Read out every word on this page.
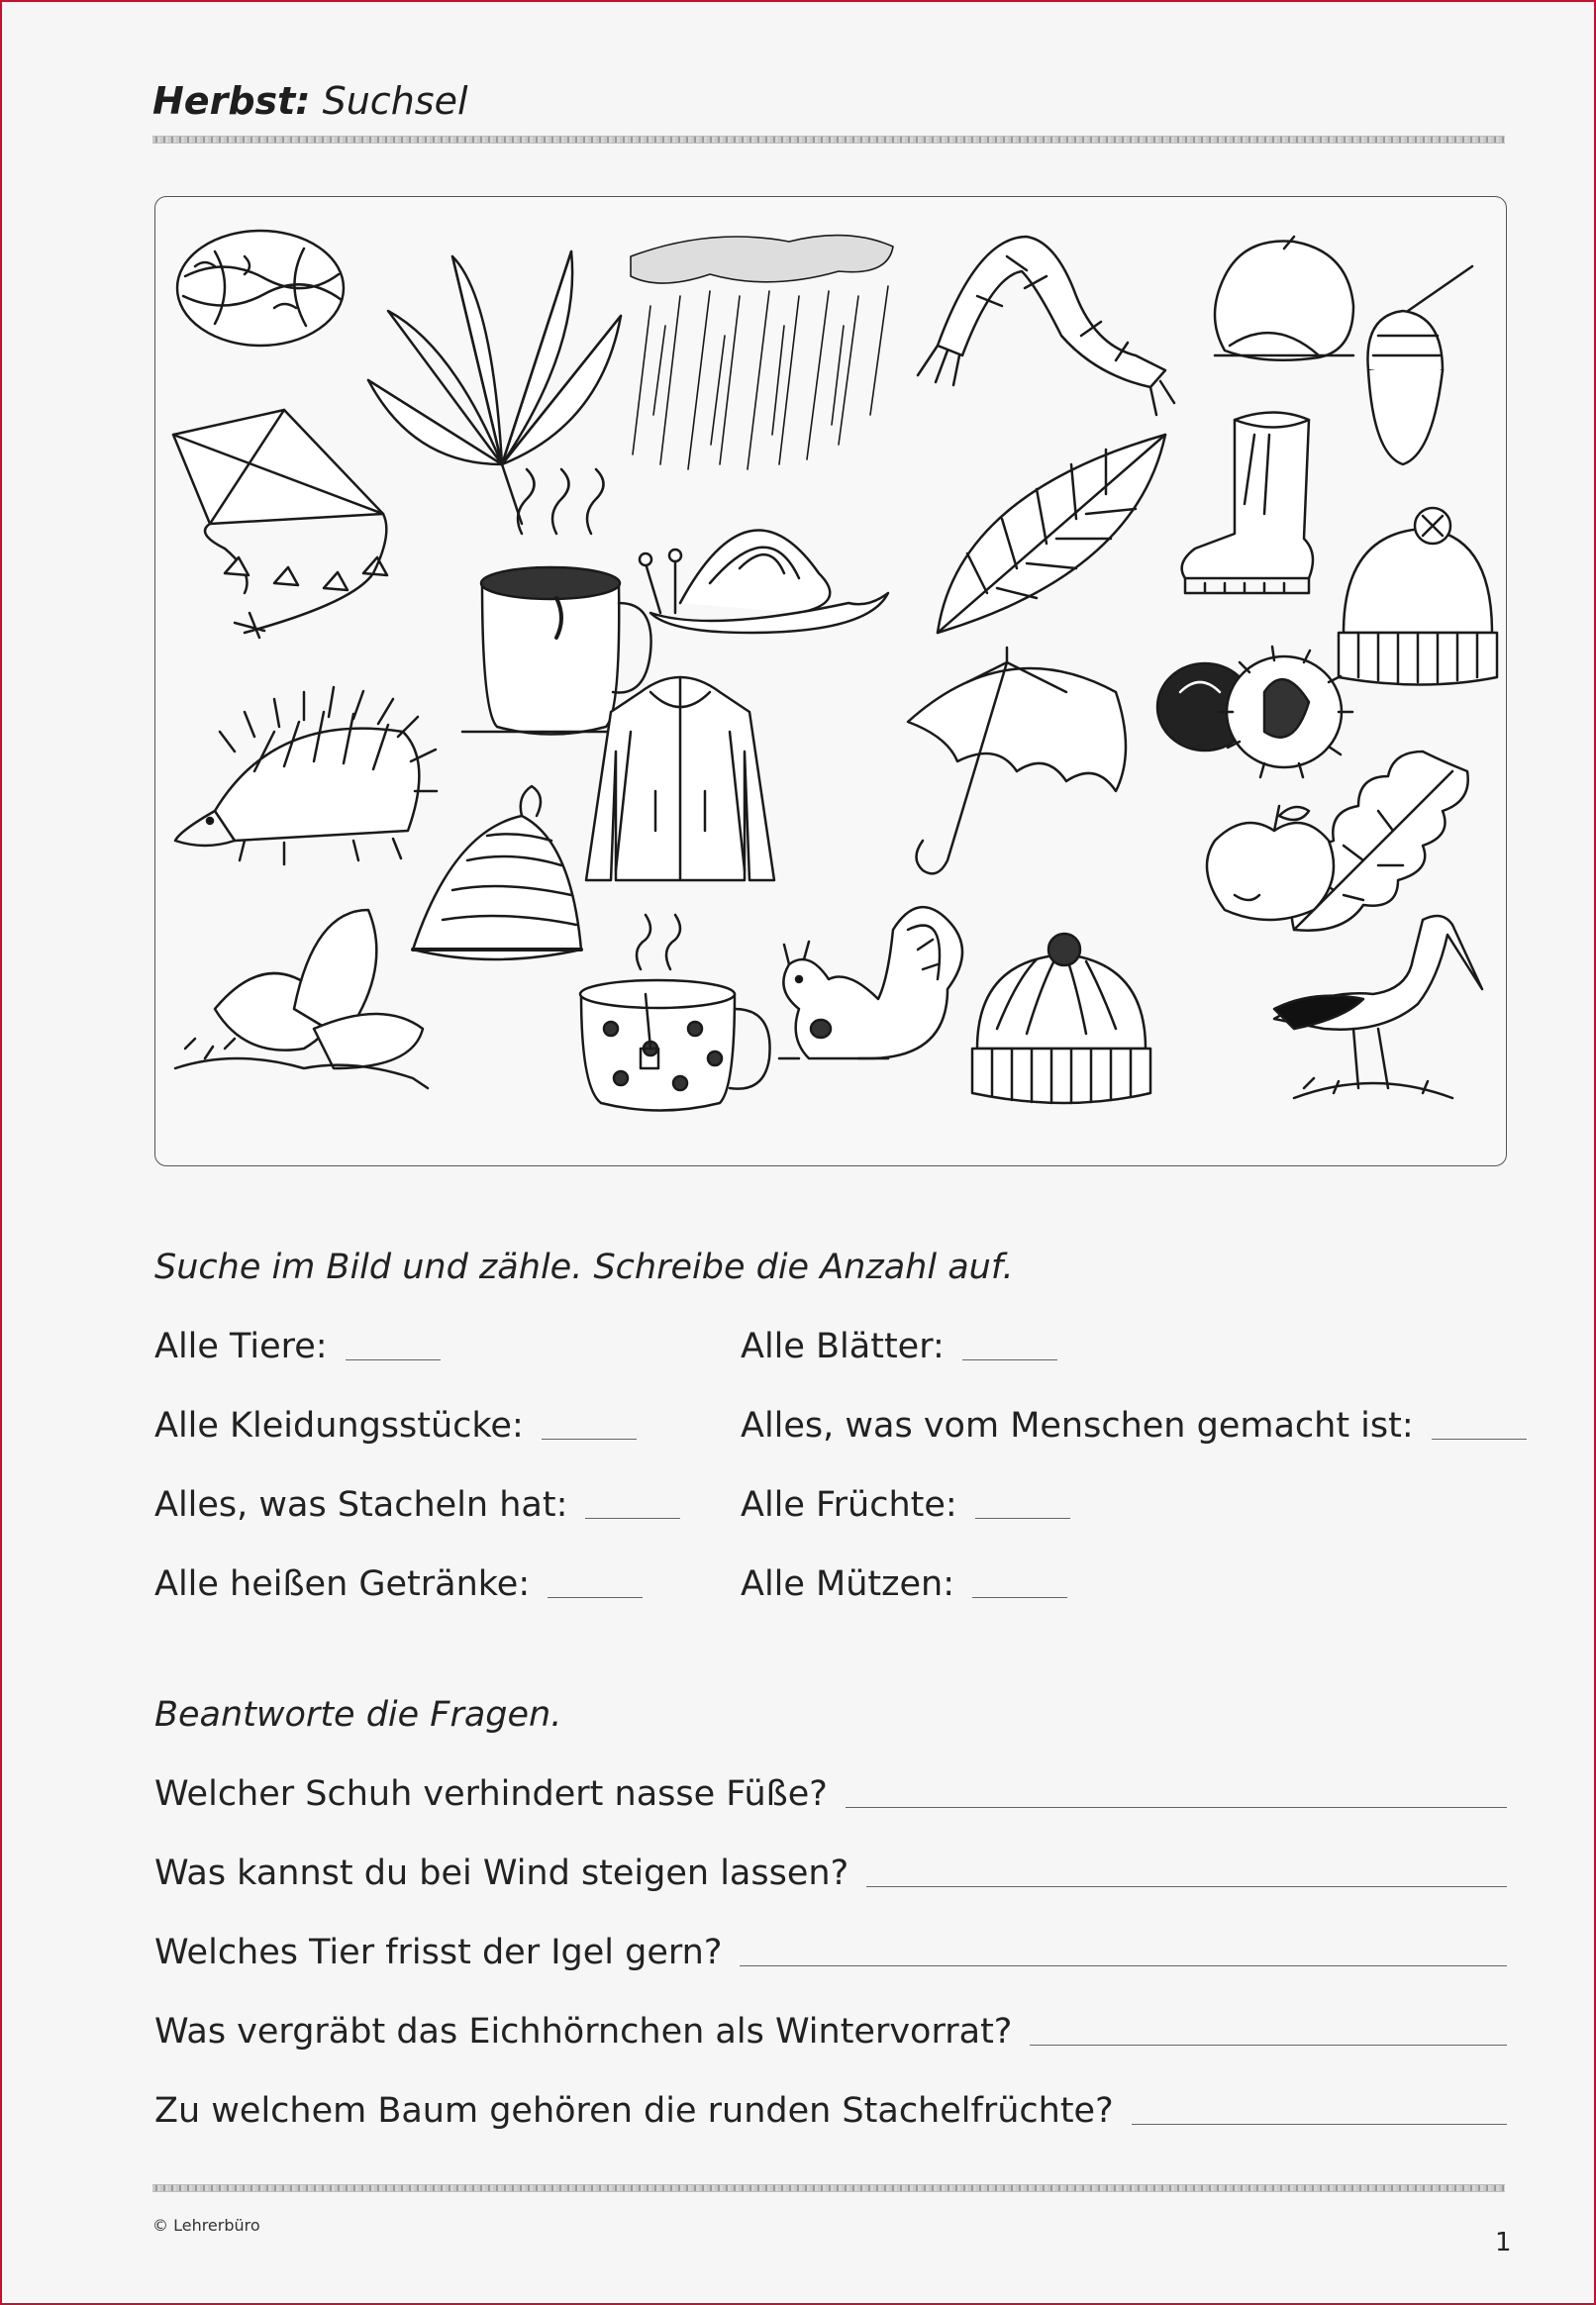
Herbst: Suchsel
Suche im Bild und zähle. Schreibe die Anzahl auf.
Alle Tiere:
Alle Kleidungsstücke:
Alles, was Stacheln hat:
Alle heißen Getränke:
Alle Blätter:
Alles, was vom Menschen gemacht ist:
Alle Früchte:
Alle Mützen:
Beantworte die Fragen.
Welcher Schuh verhindert nasse Füße?
Was kannst du bei Wind steigen lassen?
Welches Tier frisst der Igel gern?
Was vergräbt das Eichhörnchen als Wintervorrat?
Zu welchem Baum gehören die runden Stachelfrüchte?
© Lehrerbüro
1
